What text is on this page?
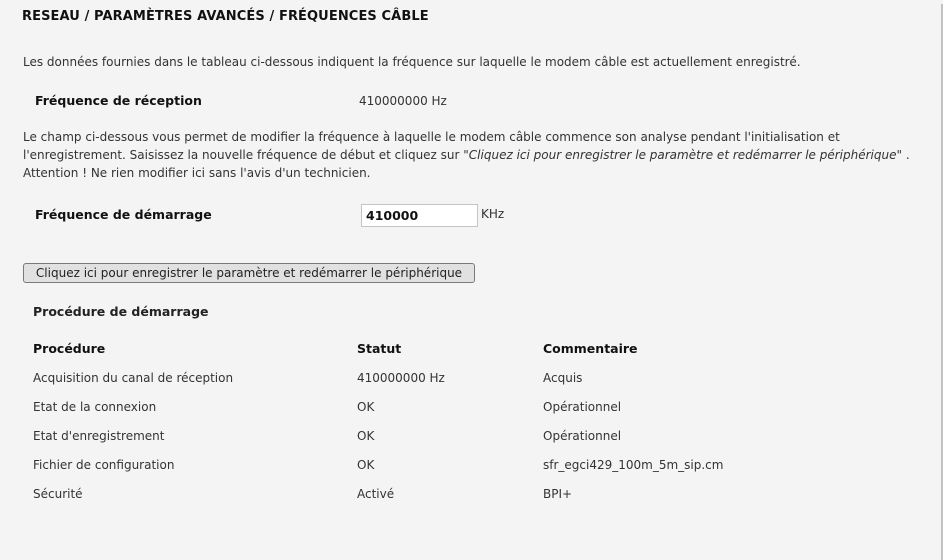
RESEAU / PARAMÈTRES AVANCÉS / FRÉQUENCES CÂBLE
Les données fournies dans le tableau ci-dessous indiquent la fréquence sur laquelle le modem câble est actuellement enregistré.
Fréquence de réception	410000000 Hz
Le champ ci-dessous vous permet de modifier la fréquence à laquelle le modem câble commence son analyse pendant l'initialisation et l'enregistrement. Saisissez la nouvelle fréquence de début et cliquez sur "Cliquez ici pour enregistrer le paramètre et redémarrer le périphérique" .
Attention ! Ne rien modifier ici sans l'avis d'un technicien.
Fréquence de démarrage
410000	KHz
Cliquez ici pour enregistrer le paramètre et redémarrer le périphérique
Procédure de démarrage
Procédure	Statut	Commentaire
Acquisition du canal de réception	410000000 Hz	Acquis
Etat de la connexion	OK	Opérationnel
Etat d'enregistrement	OK	Opérationnel
Fichier de configuration	OK	sfr_egci429_100m_5m_sip.cm
Sécurité	Activé	BPI+
